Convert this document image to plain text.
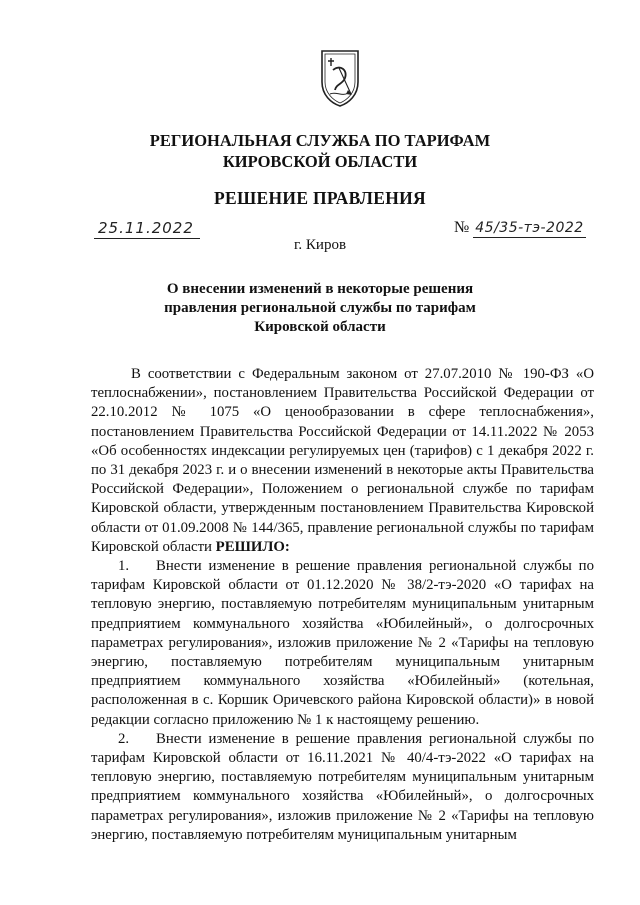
РЕГИОНАЛЬНАЯ СЛУЖБА ПО ТАРИФАМ
КИРОВСКОЙ ОБЛАСТИ
РЕШЕНИЕ ПРАВЛЕНИЯ
25.11.2022	№ 45/35-тэ-2022
г. Киров
О внесении изменений в некоторые решения
правления региональной службы по тарифам
Кировской области

В соответствии с Федеральным законом от 27.07.2010 № 190-ФЗ «О теплоснабжении», постановлением Правительства Российской Федерации от 22.10.2012 № 1075 «О ценообразовании в сфере теплоснабжения», постановлением Правительства Российской Федерации от 14.11.2022 № 2053 «Об особенностях индексации регулируемых цен (тарифов) с 1 декабря 2022 г. по 31 декабря 2023 г. и о внесении изменений в некоторые акты Правительства Российской Федерации», Положением о региональной службе по тарифам Кировской области, утвержденным постановлением Правительства Кировской области от 01.09.2008 № 144/365, правление региональной службы по тарифам Кировской области РЕШИЛО:

1. Внести изменение в решение правления региональной службы по тарифам Кировской области от 01.12.2020 № 38/2-тэ-2020 «О тарифах на тепловую энергию, поставляемую потребителям муниципальным унитарным предприятием коммунального хозяйства «Юбилейный», о долгосрочных параметрах регулирования», изложив приложение № 2 «Тарифы на тепловую энергию, поставляемую потребителям муниципальным унитарным предприятием коммунального хозяйства «Юбилейный» (котельная, расположенная в с. Коршик Оричевского района Кировской области)» в новой редакции согласно приложению № 1 к настоящему решению.

2. Внести изменение в решение правления региональной службы по тарифам Кировской области от 16.11.2021 № 40/4-тэ-2022 «О тарифах на тепловую энергию, поставляемую потребителям муниципальным унитарным предприятием коммунального хозяйства «Юбилейный», о долгосрочных параметрах регулирования», изложив приложение № 2 «Тарифы на тепловую энергию, поставляемую потребителям муниципальным унитарным
